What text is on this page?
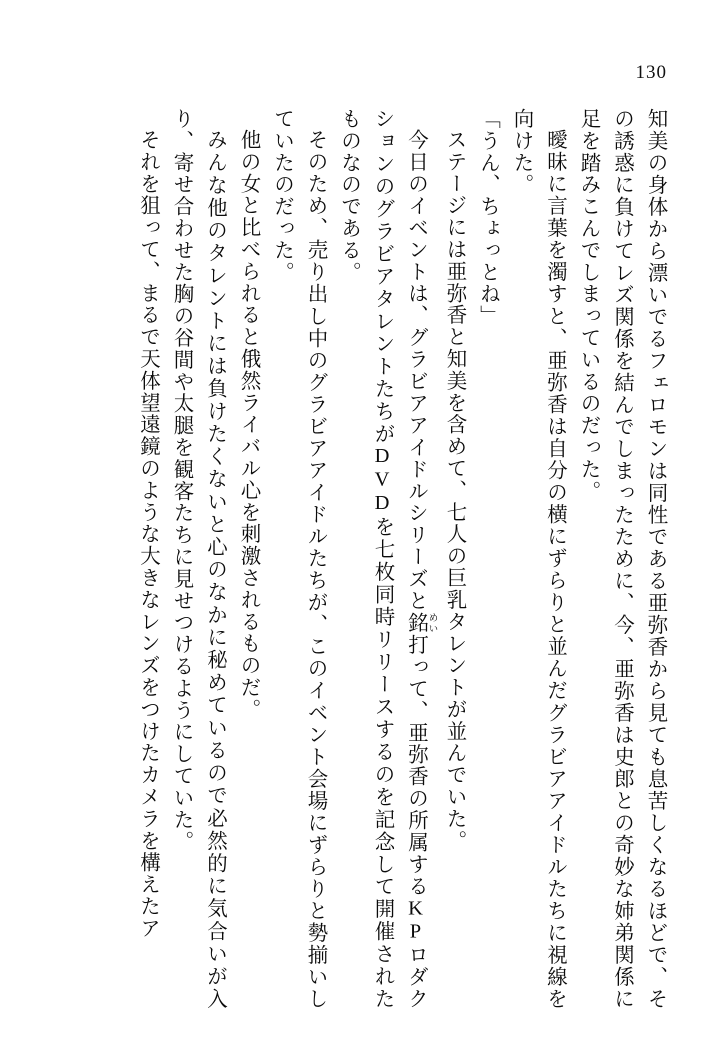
130

知美の身体から漂いでるフェロモンは同性である亜弥香から見ても息苦しくなるほどで、その誘惑に負けてレズ関係を結んでしまったために、今、亜弥香は史郎との奇妙な姉弟関係に足を踏みこんでしまっているのだった。

曖昧に言葉を濁すと、亜弥香は自分の横にずらりと並んだグラビアアイドルたちに視線を向けた。

「うん、ちょっとね」

ステージには亜弥香と知美を含めて、七人の巨乳タレントが並んでいた。

今日のイベントは、グラビアアイドルシリーズと銘 めい打って、亜弥香の所属するKPロダクションのグラビアタレントたちがDVDを七枚同時リリースするのを記念して開催されたものなのである。

そのため、売り出し中のグラビアアイドルたちが、このイベント会場にずらりと勢揃いしていたのだった。

他の女と比べられると俄然ライバル心を刺激されるものだ。

みんな他のタレントには負けたくないと心のなかに秘めているので必然的に気合いが入り、寄せ合わせた胸の谷間や太腿を観客たちに見せつけるようにしていた。

それを狙って、まるで天体望遠鏡のような大きなレンズをつけたカメラを構えたア
